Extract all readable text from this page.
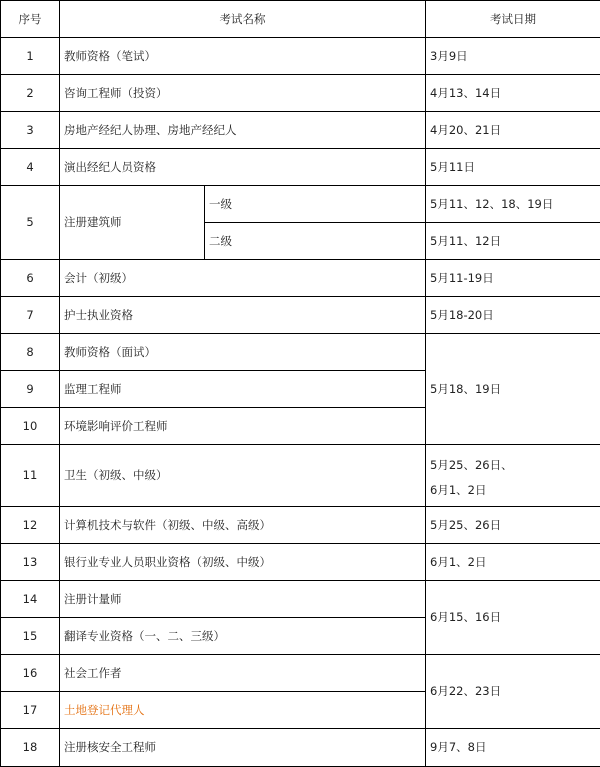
序号	考试名称		考试日期
1	教师资格（笔试）		3月9日
2	咨询工程师（投资）		4月13、14日
3	房地产经纪人协理、房地产经纪人		4月20、21日
4	演出经纪人员资格		5月11日
5	注册建筑师	一级	5月11、12、18、19日
		二级	5月11、12日
6	会计（初级）		5月11-19日
7	护士执业资格		5月18-20日
8	教师资格（面试）		5月18、19日
9	监理工程师		
10	环境影响评价工程师		
11	卫生（初级、中级）		5月25、26日、
6月1、2日

12	计算机技术与软件（初级、中级、高级）		5月25、26日
13	银行业专业人员职业资格（初级、中级）		6月1、2日
14	注册计量师		6月15、16日
15	翻译专业资格（一、二、三级）		
16	社会工作者		6月22、23日
17	土地登记代理人		
18	注册核安全工程师		9月7、8日
